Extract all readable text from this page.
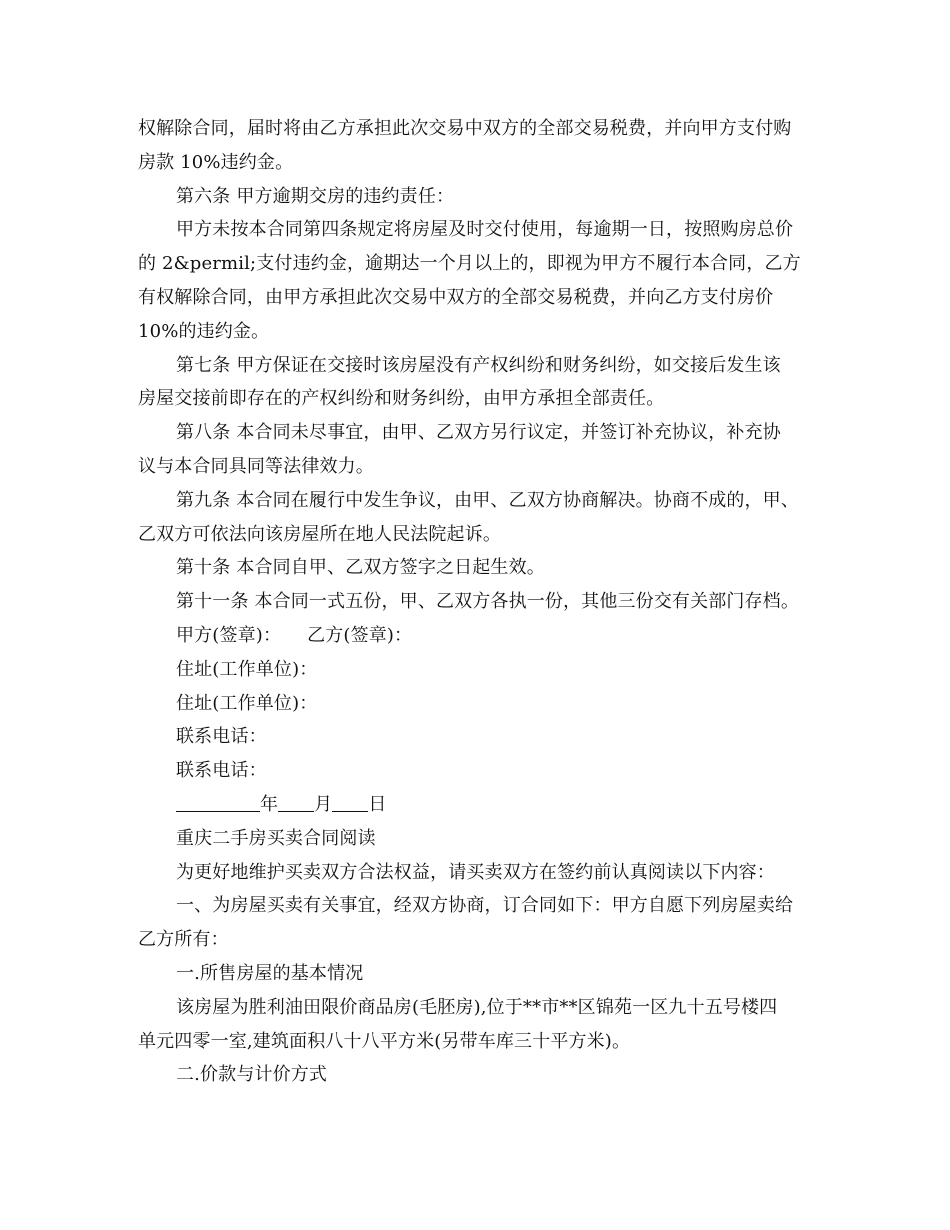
权解除合同，届时将由乙方承担此次交易中双方的全部交易税费，并向甲方支付购
房款 10%违约金。
第六条 甲方逾期交房的违约责任：
甲方未按本合同第四条规定将房屋及时交付使用，每逾期一日，按照购房总价
的 2&permil;支付违约金，逾期达一个月以上的，即视为甲方不履行本合同，乙方
有权解除合同，由甲方承担此次交易中双方的全部交易税费，并向乙方支付房价
10%的违约金。
第七条 甲方保证在交接时该房屋没有产权纠纷和财务纠纷，如交接后发生该
房屋交接前即存在的产权纠纷和财务纠纷，由甲方承担全部责任。
第八条 本合同未尽事宜，由甲、乙双方另行议定，并签订补充协议，补充协
议与本合同具同等法律效力。
第九条 本合同在履行中发生争议，由甲、乙双方协商解决。协商不成的，甲、
乙双方可依法向该房屋所在地人民法院起诉。
第十条 本合同自甲、乙双方签字之日起生效。
第十一条 本合同一式五份，甲、乙双方各执一份，其他三份交有关部门存档。
甲方(签章)： 乙方(签章)：
住址(工作单位)：
住址(工作单位)：
联系电话：
联系电话：
年 月 日
重庆二手房买卖合同阅读
为更好地维护买卖双方合法权益，请买卖双方在签约前认真阅读以下内容：
一、为房屋买卖有关事宜，经双方协商，订合同如下：甲方自愿下列房屋卖给
乙方所有：
一.所售房屋的基本情况
该房屋为胜利油田限价商品房(毛胚房),位于**市**区锦苑一区九十五号楼四
单元四零一室,建筑面积八十八平方米(另带车库三十平方米)。
二.价款与计价方式
